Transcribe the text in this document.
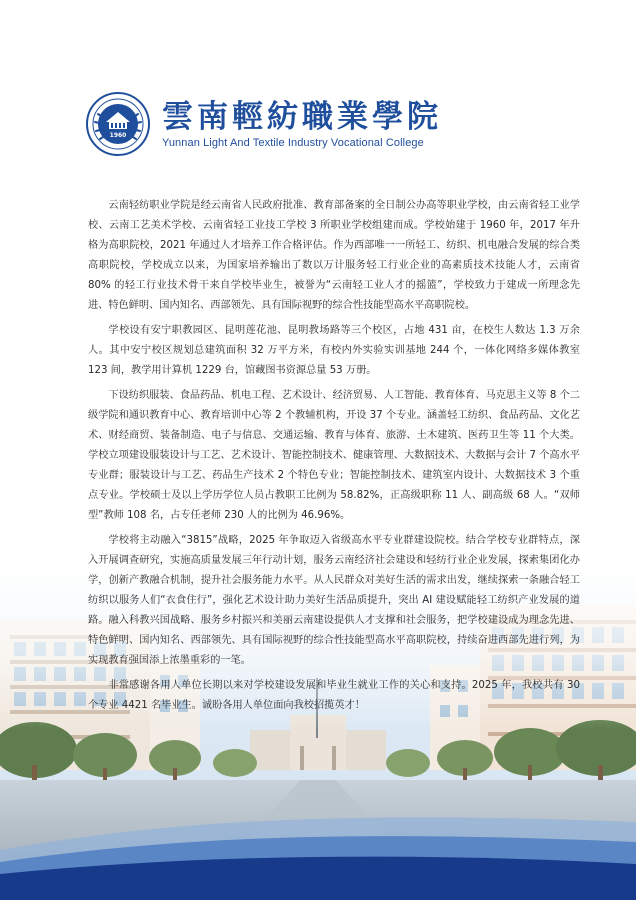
1960
雲南輕紡職業學院
Yunnan Light And Textile Industry Vocational College

云南轻纺职业学院是经云南省人民政府批准、教育部备案的全日制公办高等职业学校，由云南省轻工业学校、云南工艺美术学校、云南省轻工业技工学校 3 所职业学校组建而成。学校始建于 1960 年，2017 年升格为高职院校，2021 年通过人才培养工作合格评估。作为西部唯一一所轻工、纺织、机电融合发展的综合类高职院校，学校成立以来，为国家培养输出了数以万计服务轻工行业企业的高素质技术技能人才，云南省 80% 的轻工行业技术骨干来自学校毕业生，被誉为“云南轻工业人才的摇篮”，学校致力于建成一所理念先进、特色鲜明、国内知名、西部领先、具有国际视野的综合性技能型高水平高职院校。

学校设有安宁职教园区、昆明莲花池、昆明教场路等三个校区，占地 431 亩，在校生人数达 1.3 万余人。其中安宁校区规划总建筑面积 32 万平方米，有校内外实验实训基地 244 个，一体化网络多媒体教室 123 间，教学用计算机 1229 台，馆藏图书资源总量 53 万册。

下设纺织服装、食品药品、机电工程、艺术设计、经济贸易、人工智能、教育体育、马克思主义等 8 个二级学院和通识教育中心、教育培训中心等 2 个教辅机构，开设 37 个专业。涵盖轻工纺织、食品药品、文化艺术、财经商贸、装备制造、电子与信息、交通运输、教育与体育、旅游、土木建筑、医药卫生等 11 个大类。学校立项建设服装设计与工艺、艺术设计、智能控制技术、健康管理、大数据技术、大数据与会计 7 个高水平专业群；服装设计与工艺、药品生产技术 2 个特色专业；智能控制技术、建筑室内设计、大数据技术 3 个重点专业。学校硕士及以上学历学位人员占教职工比例为 58.82%，正高级职称 11 人、副高级 68 人。“双师型”教师 108 名，占专任老师 230 人的比例为 46.96%。

学校将主动融入“3815”战略，2025 年争取迈入省级高水平专业群建设院校。结合学校专业群特点，深入开展调查研究，实施高质量发展三年行动计划，服务云南经济社会建设和轻纺行业企业发展，探索集团化办学，创新产教融合机制，提升社会服务能力水平。从人民群众对美好生活的需求出发，继续探索一条融合轻工纺织以服务人们“衣食住行”，强化艺术设计助力美好生活品质提升，突出 AI 建设赋能轻工纺织产业发展的道路。融入科教兴国战略、服务乡村振兴和美丽云南建设提供人才支撑和社会服务，把学校建设成为理念先进、特色鲜明、国内知名、西部领先、具有国际视野的综合性技能型高水平高职院校，持续奋进西部先进行列，为实现教育强国添上浓墨重彩的一笔。

非常感谢各用人单位长期以来对学校建设发展和毕业生就业工作的关心和支持。2025 年，我校共有 30 个专业 4421 名毕业生。诚盼各用人单位面向我校招揽英才！
